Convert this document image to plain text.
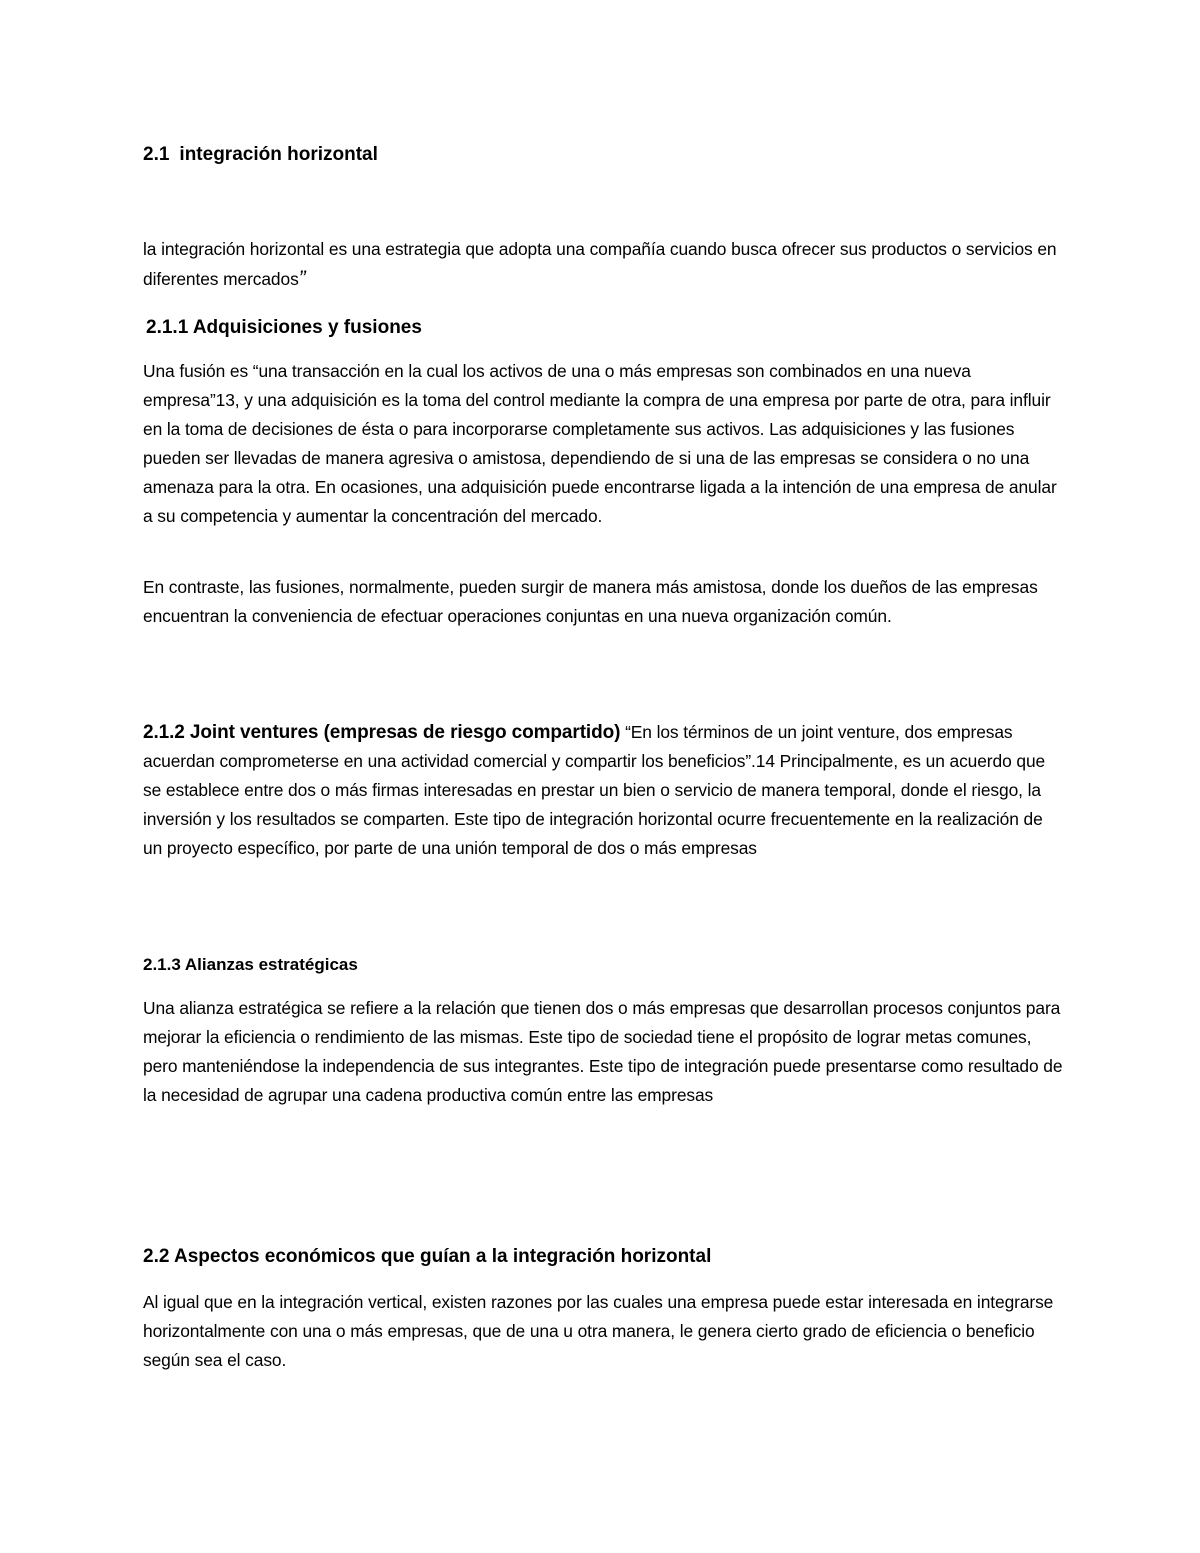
2.1 integración horizontal

la integración horizontal es una estrategia que adopta una compañía cuando busca ofrecer sus productos o servicios en diferentes mercados”

2.1.1 Adquisiciones y fusiones

Una fusión es “una transacción en la cual los activos de una o más empresas son combinados en una nueva empresa”13, y una adquisición es la toma del control mediante la compra de una empresa por parte de otra, para influir en la toma de decisiones de ésta o para incorporarse completamente sus activos. Las adquisiciones y las fusiones pueden ser llevadas de manera agresiva o amistosa, dependiendo de si una de las empresas se considera o no una amenaza para la otra. En ocasiones, una adquisición puede encontrarse ligada a la intención de una empresa de anular a su competencia y aumentar la concentración del mercado.

En contraste, las fusiones, normalmente, pueden surgir de manera más amistosa, donde los dueños de las empresas encuentran la conveniencia de efectuar operaciones conjuntas en una nueva organización común.

2.1.2 Joint ventures (empresas de riesgo compartido) “En los términos de un joint venture, dos empresas acuerdan comprometerse en una actividad comercial y compartir los beneficios”.14 Principalmente, es un acuerdo que se establece entre dos o más firmas interesadas en prestar un bien o servicio de manera temporal, donde el riesgo, la inversión y los resultados se comparten. Este tipo de integración horizontal ocurre frecuentemente en la realización de un proyecto específico, por parte de una unión temporal de dos o más empresas

2.1.3 Alianzas estratégicas

Una alianza estratégica se refiere a la relación que tienen dos o más empresas que desarrollan procesos conjuntos para mejorar la eficiencia o rendimiento de las mismas. Este tipo de sociedad tiene el propósito de lograr metas comunes, pero manteniéndose la independencia de sus integrantes. Este tipo de integración puede presentarse como resultado de la necesidad de agrupar una cadena productiva común entre las empresas

2.2 Aspectos económicos que guían a la integración horizontal

Al igual que en la integración vertical, existen razones por las cuales una empresa puede estar interesada en integrarse horizontalmente con una o más empresas, que de una u otra manera, le genera cierto grado de eficiencia o beneficio según sea el caso.
